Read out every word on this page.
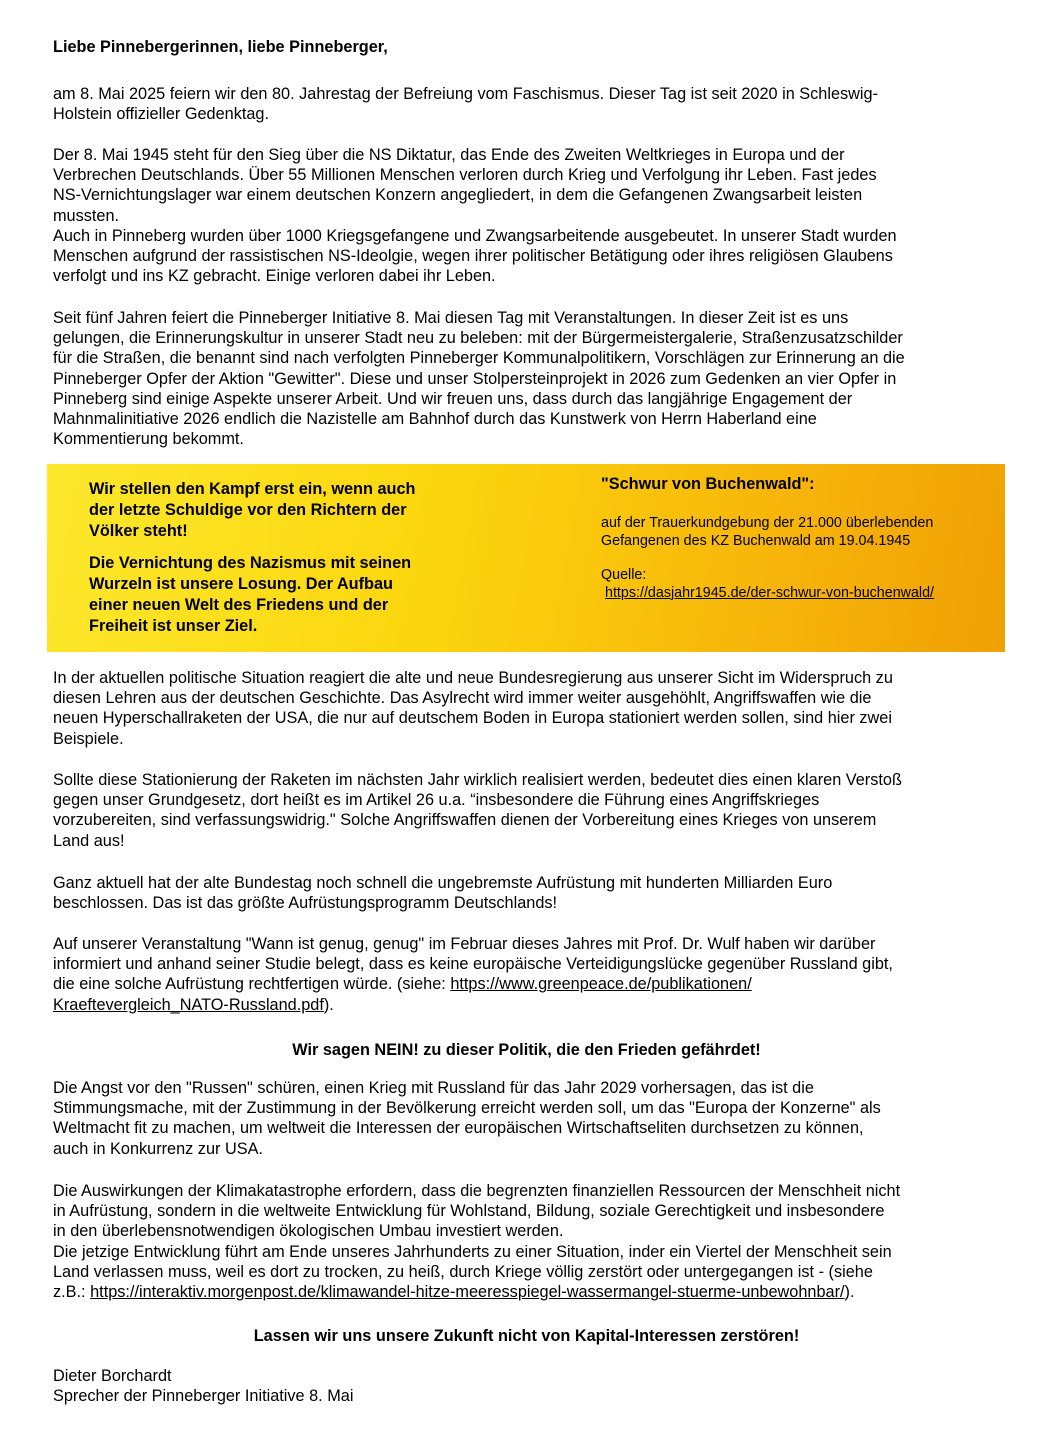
Liebe Pinnebergerinnen, liebe Pinneberger,

am 8. Mai 2025 feiern wir den 80. Jahrestag der Befreiung vom Faschismus. Dieser Tag ist seit 2020 in Schleswig-
Holstein offizieller Gedenktag.
Der 8. Mai 1945 steht für den Sieg über die NS Diktatur, das Ende des Zweiten Weltkrieges in Europa und der
Verbrechen Deutschlands. Über 55 Millionen Menschen verloren durch Krieg und Verfolgung ihr Leben. Fast jedes
NS-Vernichtungslager war einem deutschen Konzern angegliedert, in dem die Gefangenen Zwangsarbeit leisten
mussten.
Auch in Pinneberg wurden über 1000 Kriegsgefangene und Zwangsarbeitende ausgebeutet. In unserer Stadt wurden
Menschen aufgrund der rassistischen NS-Ideolgie, wegen ihrer politischer Betätigung oder ihres religiösen Glaubens
verfolgt und ins KZ gebracht. Einige verloren dabei ihr Leben.
Seit fünf Jahren feiert die Pinneberger Initiative 8. Mai diesen Tag mit Veranstaltungen. In dieser Zeit ist es uns
gelungen, die Erinnerungskultur in unserer Stadt neu zu beleben: mit der Bürgermeistergalerie, Straßenzusatzschilder
für die Straßen, die benannt sind nach verfolgten Pinneberger Kommunalpolitikern, Vorschlägen zur Erinnerung an die
Pinneberger Opfer der Aktion "Gewitter". Diese und unser Stolpersteinprojekt in 2026 zum Gedenken an vier Opfer in
Pinneberg sind einige Aspekte unserer Arbeit. Und wir freuen uns, dass durch das langjährige Engagement der
Mahnmalinitiative 2026 endlich die Nazistelle am Bahnhof durch das Kunstwerk von Herrn Haberland eine
Kommentierung bekommt.

Wir stellen den Kampf erst ein, wenn auch
der letzte Schuldige vor den Richtern der
Völker steht!

Die Vernichtung des Nazismus mit seinen
Wurzeln ist unsere Losung. Der Aufbau
einer neuen Welt des Friedens und der
Freiheit ist unser Ziel.

"Schwur von Buchenwald":

auf der Trauerkundgebung der 21.000 überlebenden
Gefangenen des KZ Buchenwald am 19.04.1945

Quelle:
https://dasjahr1945.de/der-schwur-von-buchenwald/

In der aktuellen politische Situation reagiert die alte und neue Bundesregierung aus unserer Sicht im Widerspruch zu
diesen Lehren aus der deutschen Geschichte. Das Asylrecht wird immer weiter ausgehöhlt, Angriffswaffen wie die
neuen Hyperschallraketen der USA, die nur auf deutschem Boden in Europa stationiert werden sollen, sind hier zwei
Beispiele.
Sollte diese Stationierung der Raketen im nächsten Jahr wirklich realisiert werden, bedeutet dies einen klaren Verstoß
gegen unser Grundgesetz, dort heißt es im Artikel 26 u.a. “insbesondere die Führung eines Angriffskrieges
vorzubereiten, sind verfassungswidrig." Solche Angriffswaffen dienen der Vorbereitung eines Krieges von unserem
Land aus!
Ganz aktuell hat der alte Bundestag noch schnell die ungebremste Aufrüstung mit hunderten Milliarden Euro
beschlossen. Das ist das größte Aufrüstungsprogramm Deutschlands!
Auf unserer Veranstaltung "Wann ist genug, genug" im Februar dieses Jahres mit Prof. Dr. Wulf haben wir darüber
informiert und anhand seiner Studie belegt, dass es keine europäische Verteidigungslücke gegenüber Russland gibt,
die eine solche Aufrüstung rechtfertigen würde. (siehe: https://www.greenpeace.de/publikationen/
Kraeftevergleich_NATO-Russland.pdf).

Wir sagen NEIN! zu dieser Politik, die den Frieden gefährdet!

Die Angst vor den "Russen" schüren, einen Krieg mit Russland für das Jahr 2029 vorhersagen, das ist die
Stimmungsmache, mit der Zustimmung in der Bevölkerung erreicht werden soll, um das "Europa der Konzerne" als
Weltmacht fit zu machen, um weltweit die Interessen der europäischen Wirtschaftseliten durchsetzen zu können,
auch in Konkurrenz zur USA.
Die Auswirkungen der Klimakatastrophe erfordern, dass die begrenzten finanziellen Ressourcen der Menschheit nicht
in Aufrüstung, sondern in die weltweite Entwicklung für Wohlstand, Bildung, soziale Gerechtigkeit und insbesondere
in den überlebensnotwendigen ökologischen Umbau investiert werden.
Die jetzige Entwicklung führt am Ende unseres Jahrhunderts zu einer Situation, inder ein Viertel der Menschheit sein
Land verlassen muss, weil es dort zu trocken, zu heiß, durch Kriege völlig zerstört oder untergegangen ist - (siehe
z.B.: https://interaktiv.morgenpost.de/klimawandel-hitze-meeresspiegel-wassermangel-stuerme-unbewohnbar/).

Lassen wir uns unsere Zukunft nicht von Kapital-Interessen zerstören!

Dieter Borchardt
Sprecher der Pinneberger Initiative 8. Mai
